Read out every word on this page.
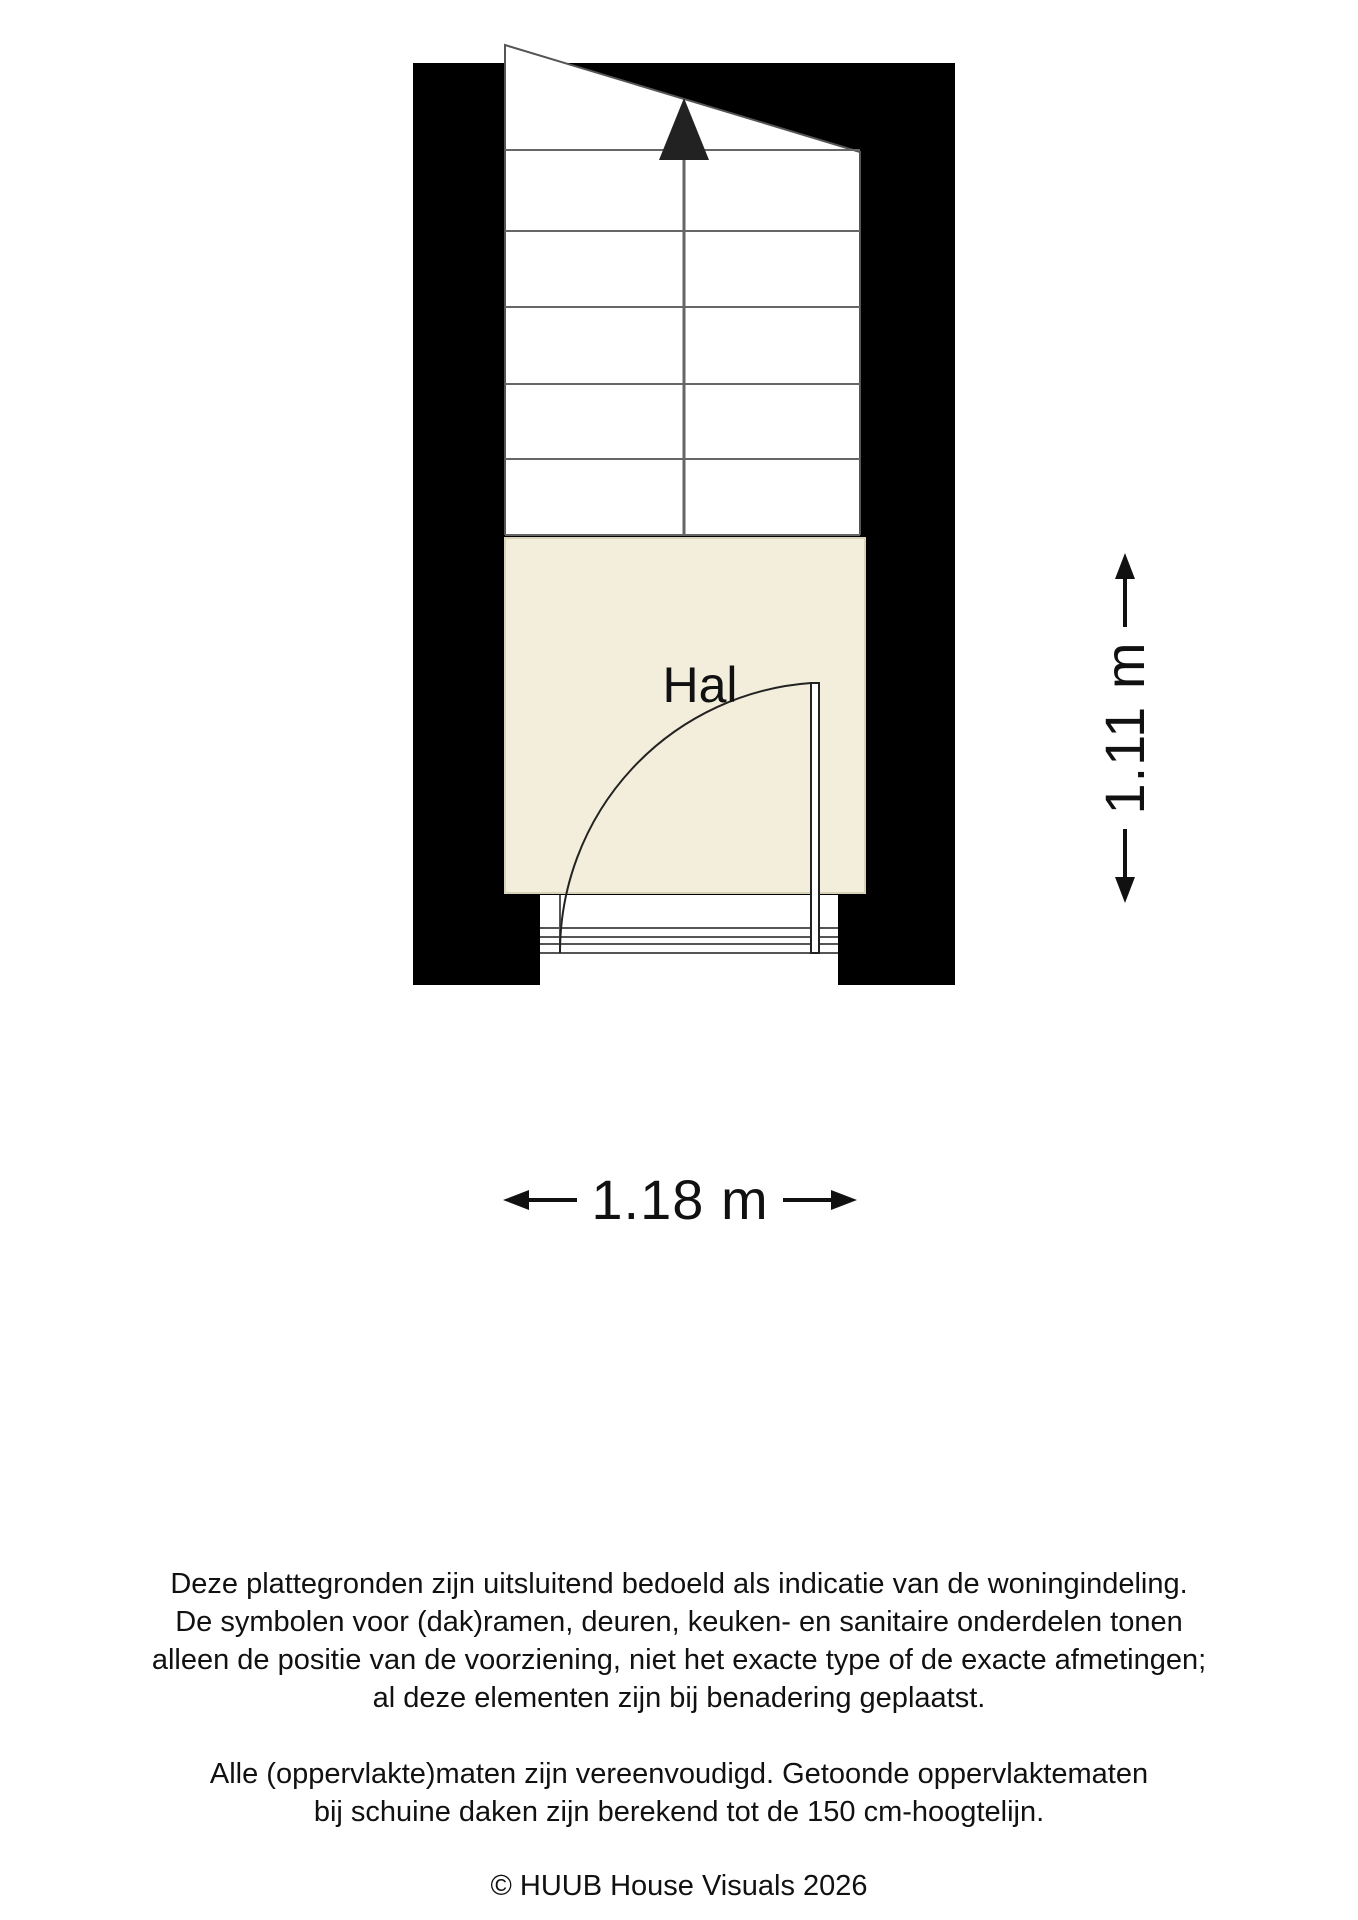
Hal
1.18 m
1.11 m

Deze plattegronden zijn uitsluitend bedoeld als indicatie van de woningindeling.

De symbolen voor (dak)ramen, deuren, keuken- en sanitaire onderdelen tonen

alleen de positie van de voorziening, niet het exacte type of de exacte afmetingen;

al deze elementen zijn bij benadering geplaatst.

Alle (oppervlakte)maten zijn vereenvoudigd. Getoonde oppervlaktematen

bij schuine daken zijn berekend tot de 150 cm-hoogtelijn.

© HUUB House Visuals 2026
